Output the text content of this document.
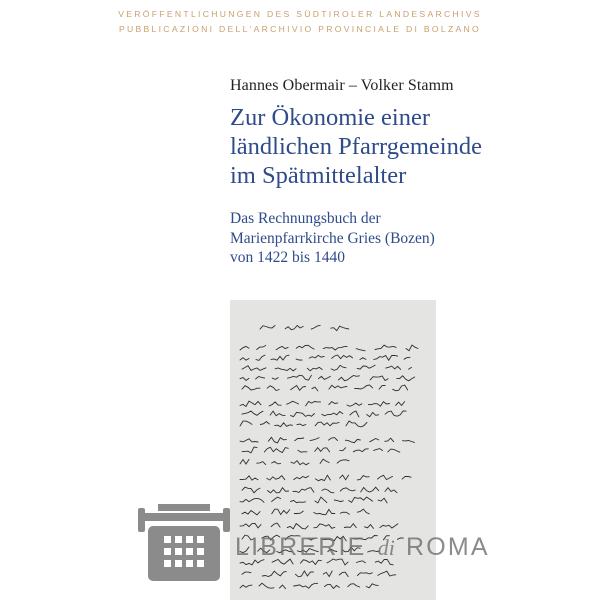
VERÖFFENTLICHUNGEN DES SÜDTIROLER LANDESARCHIVS
PUBBLICAZIONI DELL'ARCHIVIO PROVINCIALE DI BOLZANO
Hannes Obermair – Volker Stamm
Zur Ökonomie einer
ländlichen Pfarrgemeinde
im Spätmittelalter
Das Rechnungsbuch der
Marienpfarrkirche Gries (Bozen)
von 1422 bis 1440
LIBRERIE di ROMA
